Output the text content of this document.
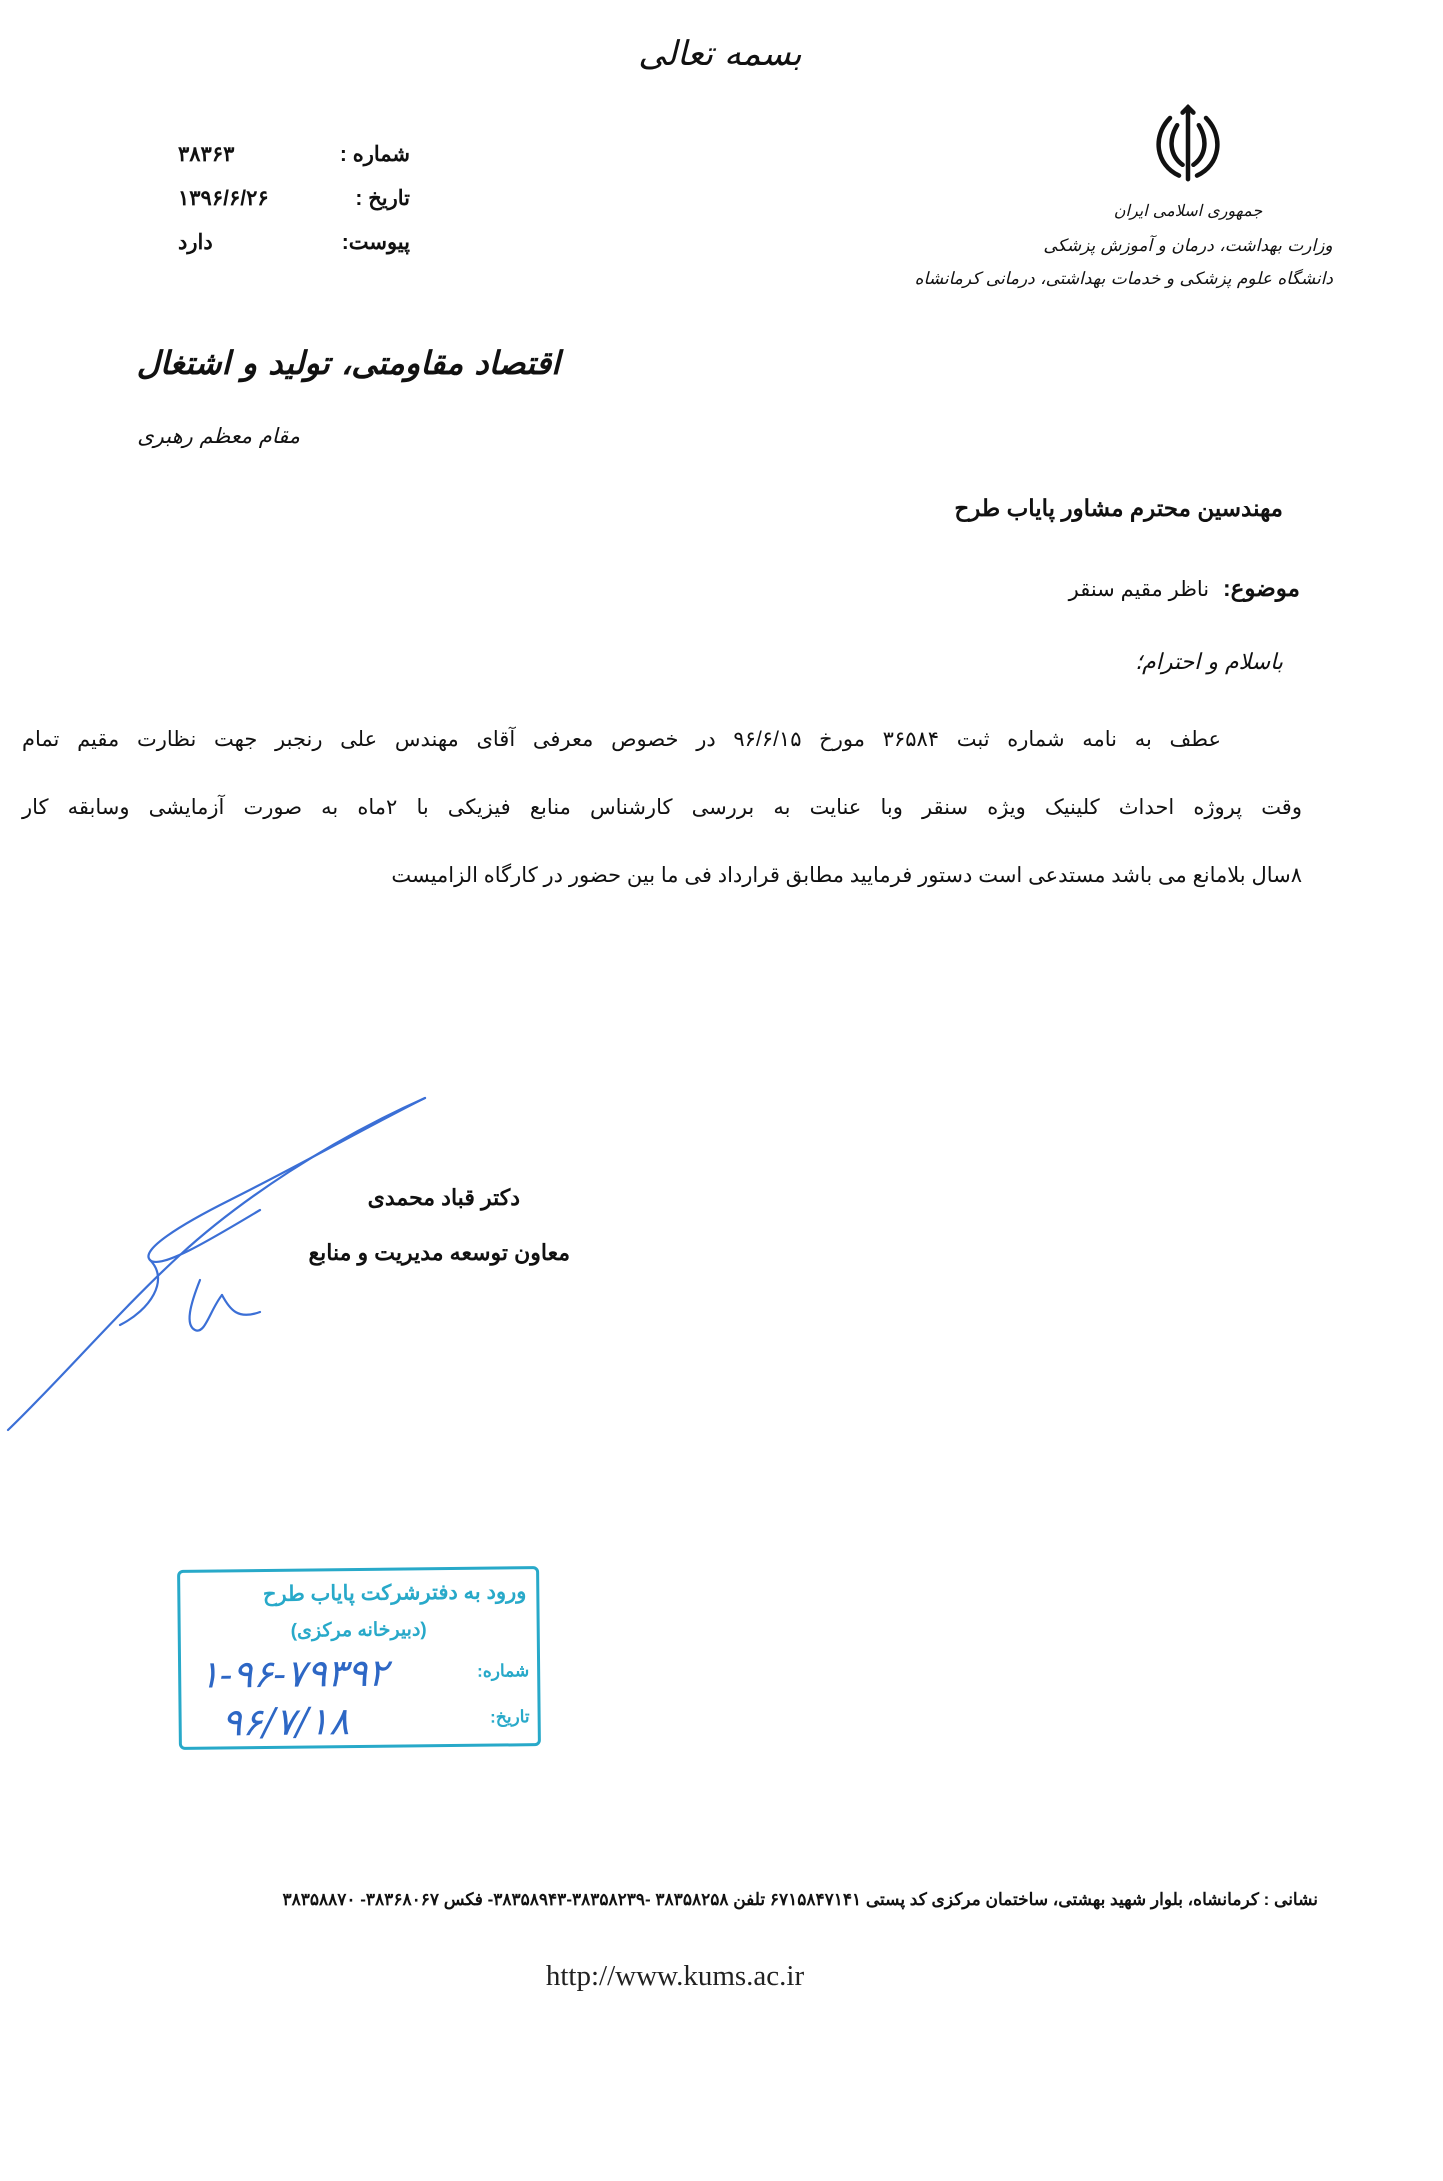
بسمه تعالی
شماره :
۳۸۳۶۳
تاریخ :
۱۳۹۶/۶/۲۶
پیوست:
دارد
جمهوری اسلامی ایران
وزارت بهداشت، درمان و آموزش پزشکی
دانشگاه علوم پزشکی و خدمات بهداشتی، درمانی کرمانشاه
اقتصاد مقاومتی، تولید و اشتغال
مقام معظم رهبری
مهندسین محترم مشاور پایاب طرح
موضوع: ناظر مقیم سنقر
باسلام و احترام؛
عطف به نامه شماره ثبت ۳۶۵۸۴ مورخ ۹۶/۶/۱۵ در خصوص معرفی آقای مهندس علی رنجبر جهت نظارت مقیم تمام
وقت پروژه احداث کلینیک ویژه سنقر وبا عنایت به بررسی کارشناس منابع فیزیکی با ۲ماه به صورت آزمایشی وسابقه کار
۸سال بلامانع می باشد مستدعی است دستور فرمایید مطابق قرارداد فی ما بین حضور در کارگاه الزامیست
دکتر قباد محمدی
معاون توسعه مدیریت و منابع
ورود به دفترشرکت پایاب طرح
(دبیرخانه مرکزی)
شماره:
۱-۹۶-۷۹۳۹۲
تاریخ:
۹۶/۷/۱۸
نشانی : کرمانشاه، بلوار شهید بهشتی، ساختمان مرکزی کد پستی ۶۷۱۵۸۴۷۱۴۱ تلفن ۳۸۳۵۸۲۵۸ -۳۸۳۵۸۲۳۹-۳۸۳۵۸۹۴۳- فکس ۳۸۳۶۸۰۶۷- ۳۸۳۵۸۸۷۰
http://www.kums.ac.ir
